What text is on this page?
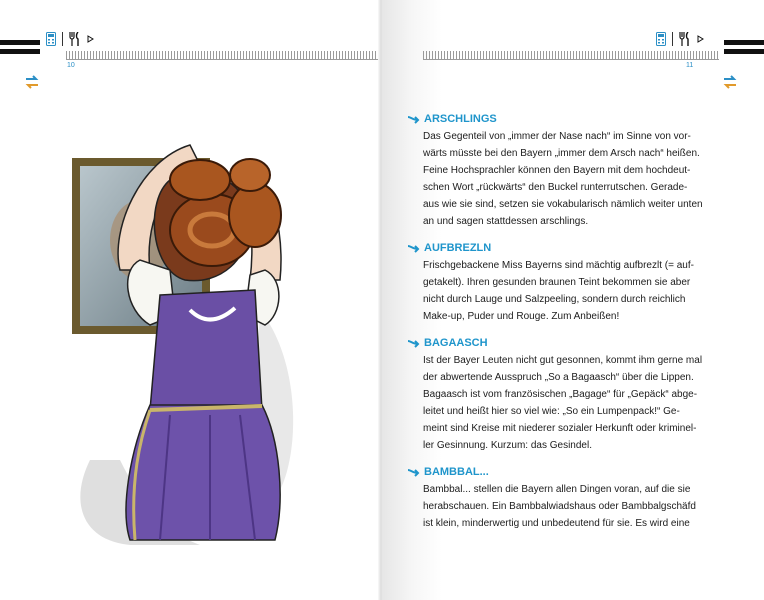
10	11
ARSCHLINGS
Das Gegenteil von „immer der Nase nach“ im Sinne von vor-
wärts müsste bei den Bayern „immer dem Arsch nach“ heißen.
Feine Hochsprachler können den Bayern mit dem hochdeut-
schen Wort „rückwärts“ den Buckel runterrutschen. Gerade-
aus wie sie sind, setzen sie vokabularisch nämlich weiter unten
an und sagen stattdessen arschlings.
AUFBREZLN
Frischgebackene Miss Bayerns sind mächtig aufbrezlt (= auf-
getakelt). Ihren gesunden braunen Teint bekommen sie aber
nicht durch Lauge und Salzpeeling, sondern durch reichlich
Make-up, Puder und Rouge. Zum Anbeißen!
BAGAASCH
Ist der Bayer Leuten nicht gut gesonnen, kommt ihm gerne mal
der abwertende Ausspruch „So a Bagaasch“ über die Lippen.
Bagaasch ist vom französischen „Bagage“ für „Gepäck“ abge-
leitet und heißt hier so viel wie: „So ein Lumpenpack!“ Ge-
meint sind Kreise mit niederer sozialer Herkunft oder kriminel-
ler Gesinnung. Kurzum: das Gesindel.
BAMBBAL...
Bambbal... stellen die Bayern allen Dingen voran, auf die sie
herabschauen. Ein Bambbalwiadshaus oder Bambbalgschäfd
ist klein, minderwertig und unbedeutend für sie. Es wird eine
